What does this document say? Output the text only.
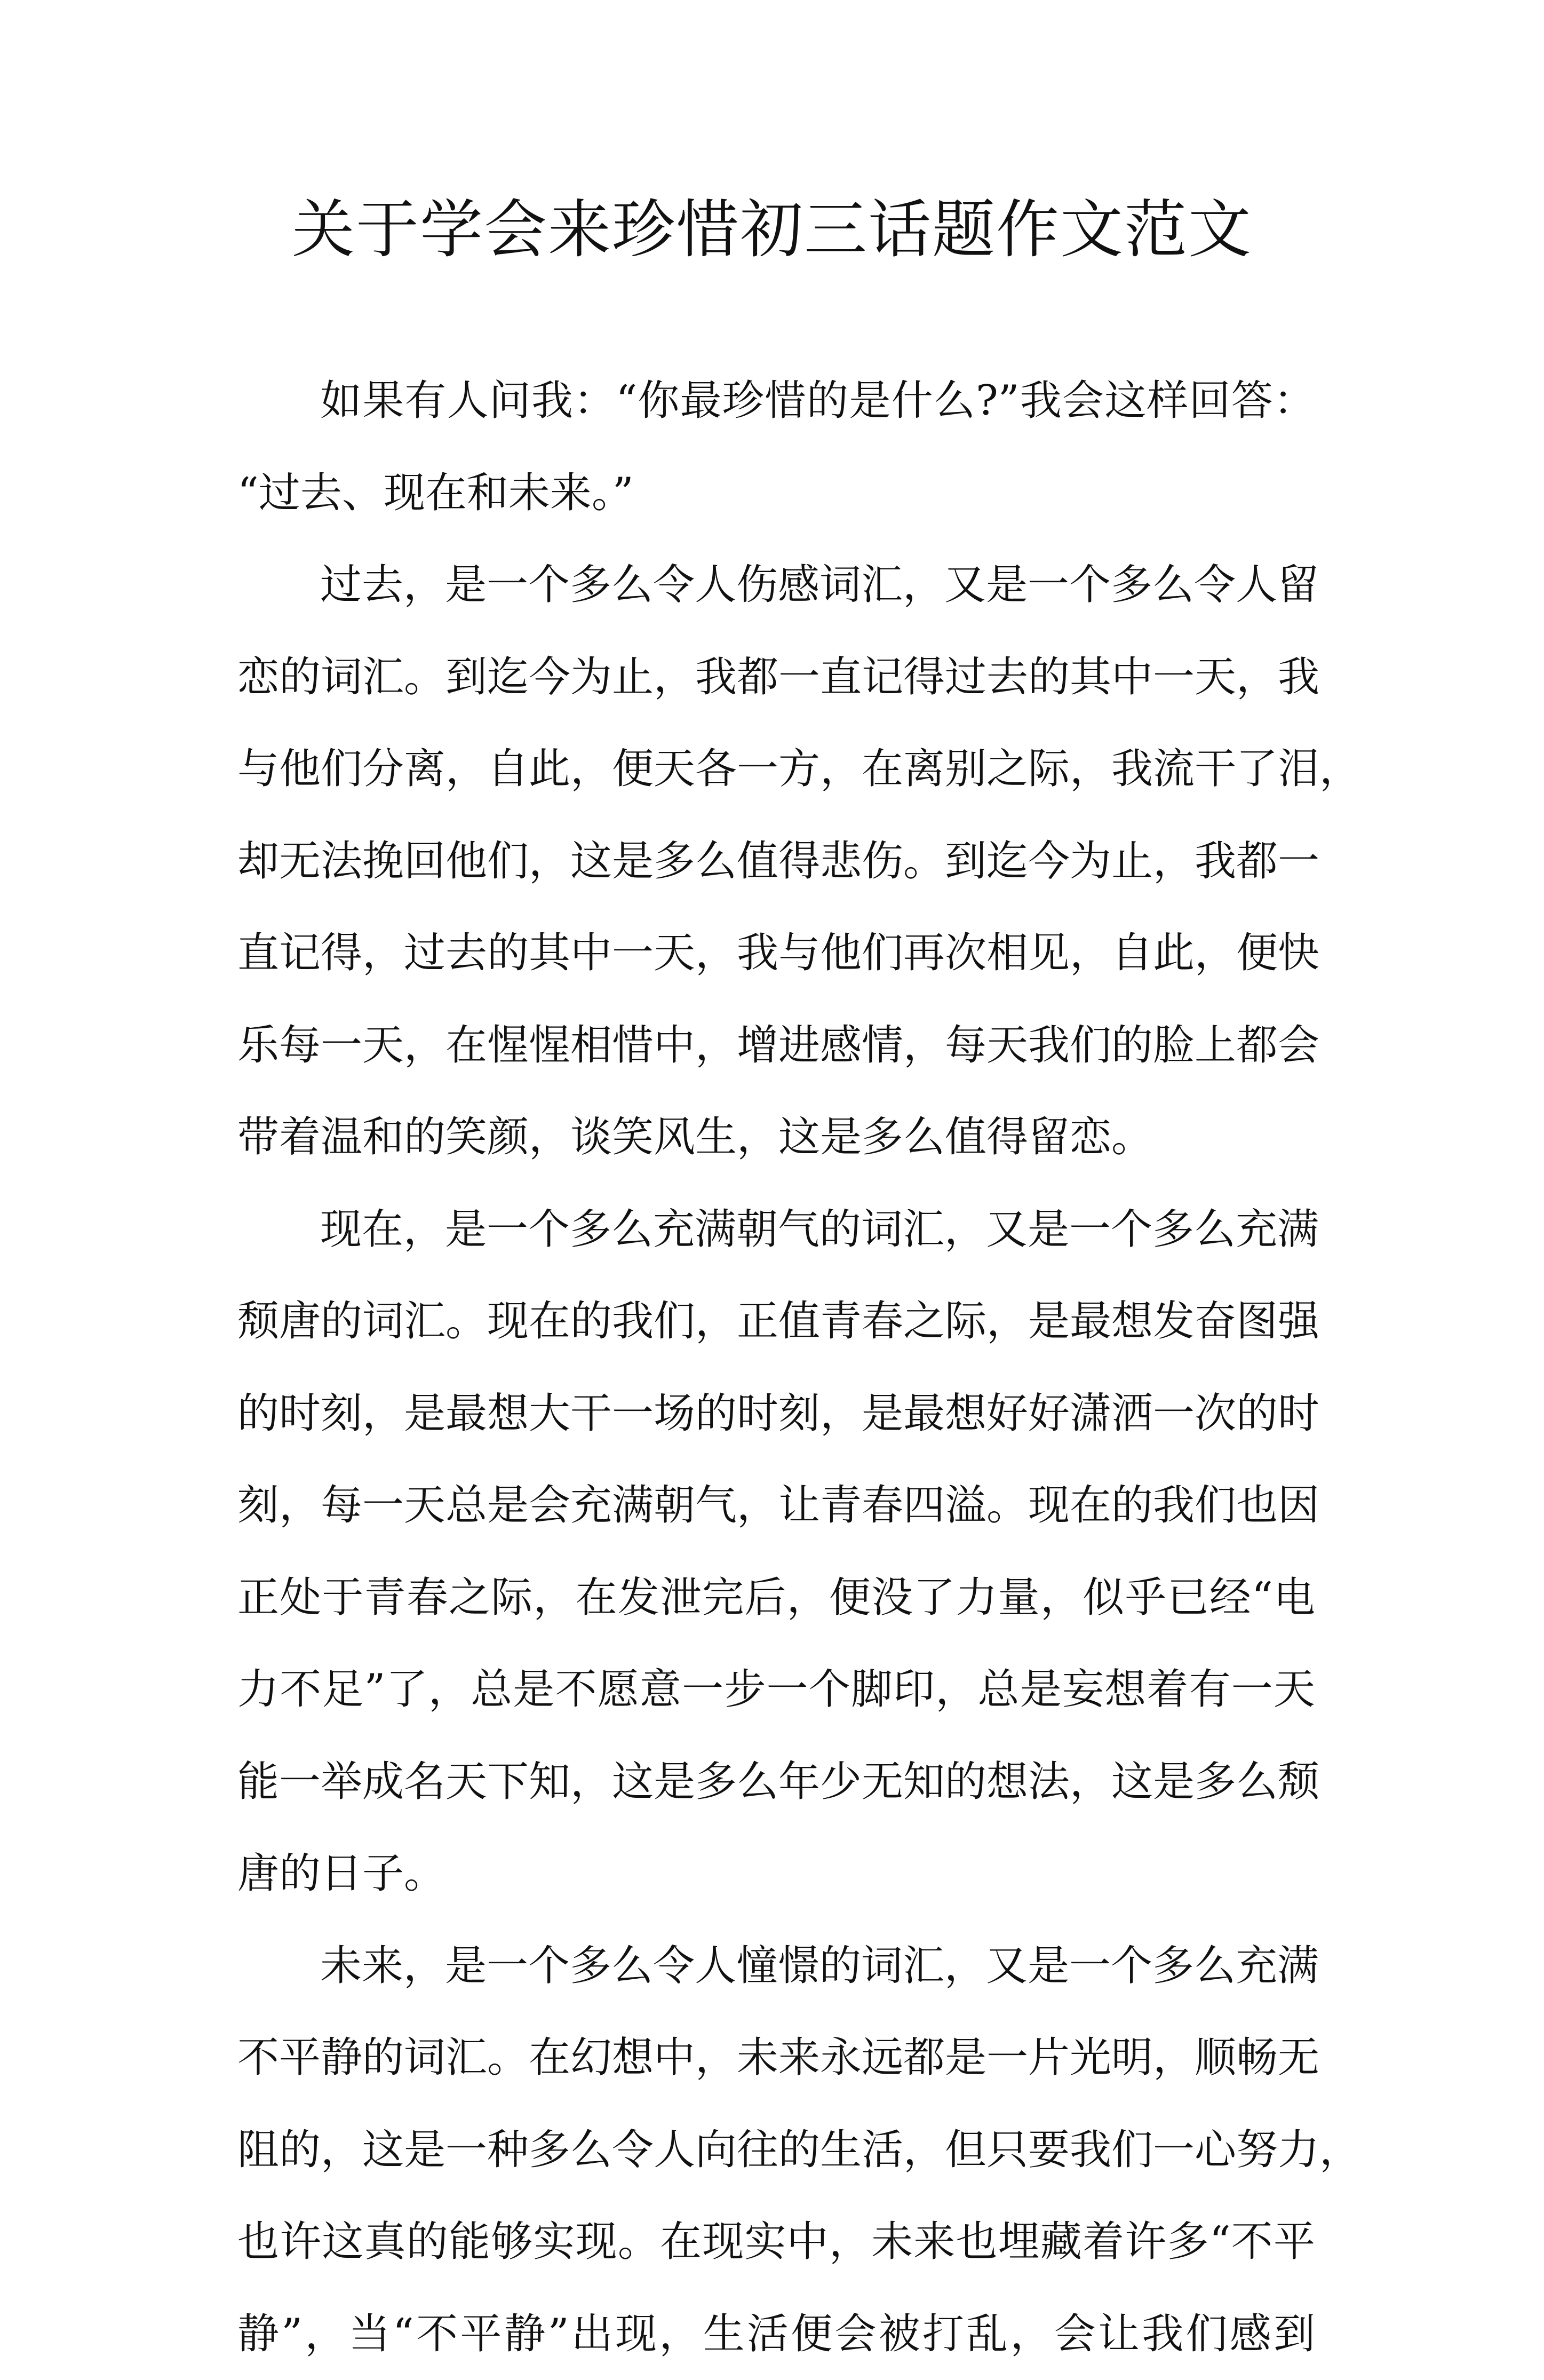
关于学会来珍惜初三话题作文范文
如果有人问我：“你最珍惜的是什么?”我会这样回答：
“过去、现在和未来。”
过去，是一个多么令人伤感词汇，又是一个多么令人留
恋的词汇。到迄今为止，我都一直记得过去的其中一天，我
与他们分离，自此，便天各一方，在离别之际，我流干了泪，
却无法挽回他们，这是多么值得悲伤。到迄今为止，我都一
直记得，过去的其中一天，我与他们再次相见，自此，便快
乐每一天，在惺惺相惜中，增进感情，每天我们的脸上都会
带着温和的笑颜，谈笑风生，这是多么值得留恋。
现在，是一个多么充满朝气的词汇，又是一个多么充满
颓唐的词汇。现在的我们，正值青春之际，是最想发奋图强
的时刻，是最想大干一场的时刻，是最想好好潇洒一次的时
刻，每一天总是会充满朝气，让青春四溢。现在的我们也因
正处于青春之际，在发泄完后，便没了力量，似乎已经“电
力不足”了，总是不愿意一步一个脚印，总是妄想着有一天
能一举成名天下知，这是多么年少无知的想法，这是多么颓
唐的日子。
未来，是一个多么令人憧憬的词汇，又是一个多么充满
不平静的词汇。在幻想中，未来永远都是一片光明，顺畅无
阻的，这是一种多么令人向往的生活，但只要我们一心努力，
也许这真的能够实现。在现实中，未来也埋藏着许多“不平
静”，当“不平静”出现，生活便会被打乱，会让我们感到
